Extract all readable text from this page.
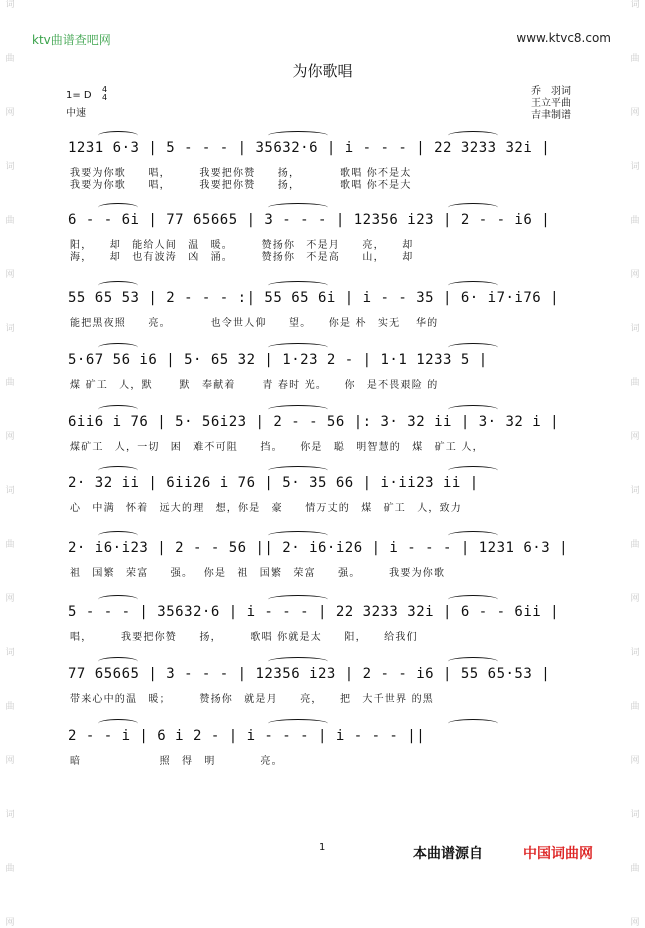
词
曲
网
词
曲
网
词
曲
网
词
曲
网
词
曲
网
词
曲
网
词
曲
网
词
曲
网
词
曲
网
词
曲
网
词
曲
网
词
曲
网
ktv曲谱查吧网	www.ktvc8.com
为你歌唱
1= D
4
4
中速
乔　羽词
王立平曲
吉聿制谱
1231 6·3 | 5 - - - | 35632·6 | i - - - | 22 3233 32i |
我要为你歌　　唱，　　　我要把你赞　　扬，　　　　歌唱 你不是太
我要为你歌　　唱，　　　我要把你赞　　扬，　　　　歌唱 你不是大
6 - - 6i | 77 65665 | 3 - - - | 12356 i23 | 2 - - i6 |
阳，　　却　能给人间　温　暖。　　　赞扬你　不是月　　亮，　　却
海，　　却　也有波涛　凶　涌。　　　赞扬你　不是高　　山，　　却
55 65 53 | 2 - - - :| 55 65 6i | i - - 35 | 6· i7·i76 |
能把黑夜照　　亮。　　　　也令世人仰　　望。　　你是 朴　实无　 华的
5·67 56 i6 | 5· 65 32 | 1·23 2 - | 1·1 1233 5 |
煤 矿工　人，默　　 默　奉献着　　 青 春时 光。　　你　是不畏艰险 的
6ii6 i 76 | 5· 56i23 | 2 - - 56 |: 3· 32 ii | 3· 32 i |
煤矿工　人，一切　困　难不可阻　　挡。　　你是　聪　明智慧的　煤　矿工 人，
2· 32 ii | 6ii26 i 76 | 5· 35 66 | i·ii23 ii |
心　中满　怀着　远大的理　想，你是　豪　　情万丈的　煤　矿工　人，致力
2· i6·i23 | 2 - - 56 || 2· i6·i26 | i - - - | 1231 6·3 |
祖　国繁　荣富　　强。　 你是　祖　国繁　荣富　　强。　　　我要为你歌
5 - - - | 35632·6 | i - - - | 22 3233 32i | 6 - - 6ii |
唱，　　　我要把你赞　　扬，　　　歌唱 你就是太　　阳，　　给我们
77 65665 | 3 - - - | 12356 i23 | 2 - - i6 | 55 65·53 |
带来心中的温　暖；　　　赞扬你　就是月　　亮，　　把　大千世界 的黑
2 - - i | 6 i 2 - | i - - - | i - - - ||
暗　　　　　　　照　得　明　　　　亮。
1	本曲谱源自	中国词曲网
